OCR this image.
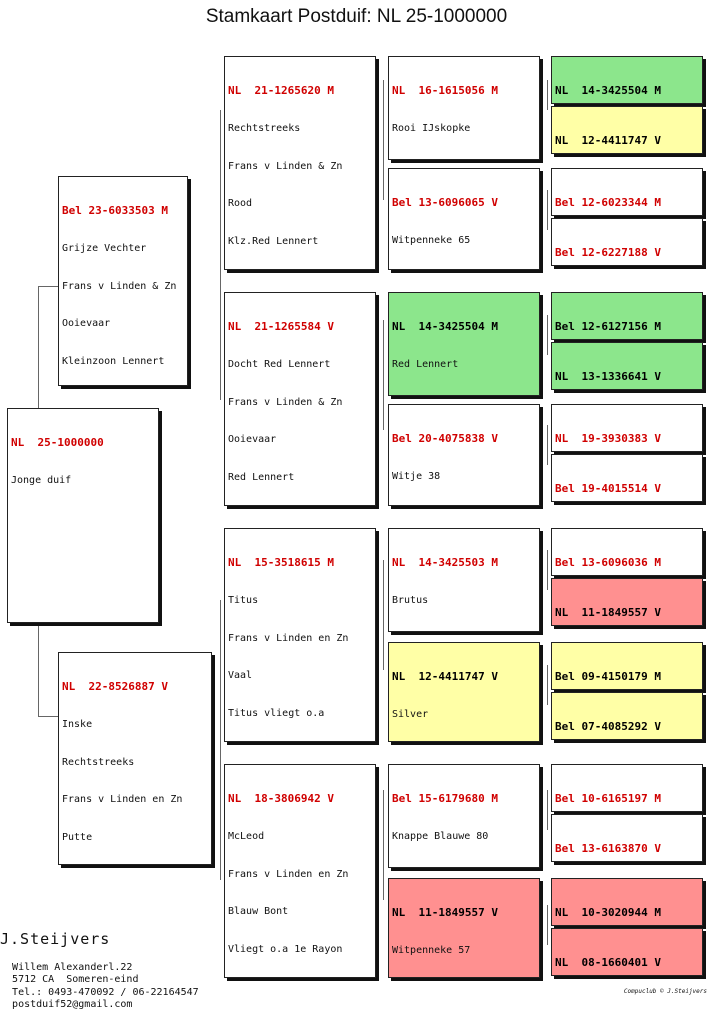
Stamkaart Postduif: NL 25-1000000

NL  25-1000000

Jonge duif

Bel 23-6033503 M

Grijze Vechter

Frans v Linden & Zn

Ooievaar

Kleinzoon Lennert

NL  22-8526887 V

Inske

Rechtstreeks

Frans v Linden en Zn

Putte

NL  21-1265620 M

Rechtstreeks

Frans v Linden & Zn

Rood

Klz.Red Lennert

NL  21-1265584 V

Docht Red Lennert

Frans v Linden & Zn

Ooievaar

Red Lennert

NL  15-3518615 M

Titus

Frans v Linden en Zn

Vaal

Titus vliegt o.a

NL  18-3806942 V

McLeod

Frans v Linden en Zn

Blauw Bont

Vliegt o.a 1e Rayon

NL  16-1615056 M

Rooi IJskopke

Bel 13-6096065 V

Witpenneke 65

NL  14-3425504 M

Red Lennert

Bel 20-4075838 V

Witje 38

NL  14-3425503 M

Brutus

NL  12-4411747 V

Silver

Bel 15-6179680 M

Knappe Blauwe 80

NL  11-1849557 V

Witpenneke 57

NL  14-3425504 M

NL  12-4411747 V

Bel 12-6023344 M

Bel 12-6227188 V

Bel 12-6127156 M

NL  13-1336641 V

NL  19-3930383 V

Bel 19-4015514 V

Bel 13-6096036 M

NL  11-1849557 V

Bel 09-4150179 M

Bel 07-4085292 V

Bel 10-6165197 M

Bel 13-6163870 V

NL  10-3020944 M

NL  08-1660401 V

J.Steijvers

Willem Alexanderl.22
5712 CA  Someren-eind
Tel.: 0493-470092 / 06-22164547
postduif52@gmail.com

Compuclub © J.Steijvers
